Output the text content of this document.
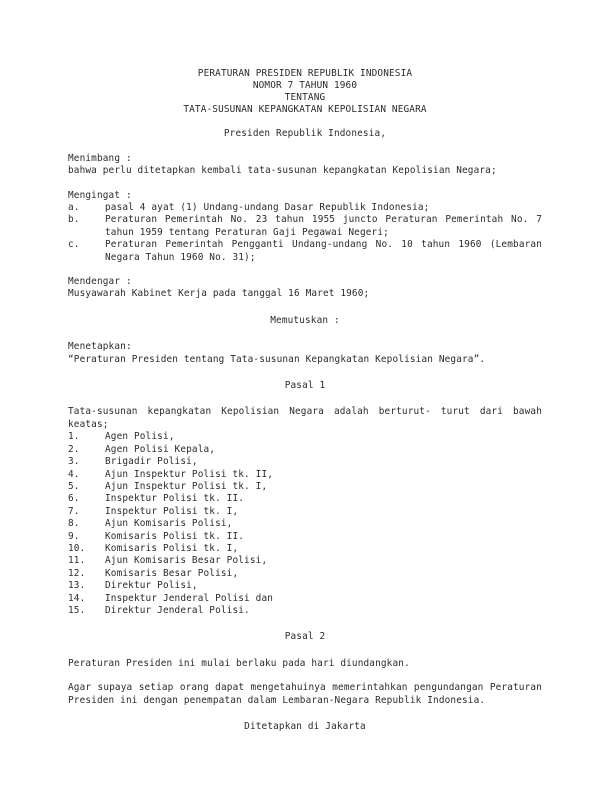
PERATURAN PRESIDEN REPUBLIK INDONESIA
NOMOR 7 TAHUN 1960
TENTANG
TATA-SUSUNAN KEPANGKATAN KEPOLISIAN NEGARA
Presiden Republik Indonesia,
Menimbang :
bahwa perlu ditetapkan kembali tata-susunan kepangkatan Kepolisian Negara;
Mengingat :
a.	pasal 4 ayat (1) Undang-undang Dasar Republik Indonesia;
b.	Peraturan Pemerintah No. 23 tahun 1955 juncto Peraturan Pemerintah No. 7 tahun 1959 tentang Peraturan Gaji Pegawai Negeri;
c.	Peraturan Pemerintah Pengganti Undang-undang No. 10 tahun 1960 (Lembaran Negara Tahun 1960 No. 31);
Mendengar :
Musyawarah Kabinet Kerja pada tanggal 16 Maret 1960;
Memutuskan :
Menetapkan:
“Peraturan Presiden tentang Tata-susunan Kepangkatan Kepolisian Negara”.
Pasal 1
Tata-susunan kepangkatan Kepolisian Negara adalah berturut- turut dari bawah keatas;
1.	Agen Polisi,
2.	Agen Polisi Kepala,
3.	Brigadir Polisi,
4.	Ajun Inspektur Polisi tk. II,
5.	Ajun Inspektur Polisi tk. I,
6.	Inspektur Polisi tk. II.
7.	Inspektur Polisi tk. I,
8.	Ajun Komisaris Polisi,
9.	Komisaris Polisi tk. II.
10.	Komisaris Polisi tk. I,
11.	Ajun Komisaris Besar Polisi,
12.	Komisaris Besar Polisi,
13.	Direktur Polisi,
14.	Inspektur Jenderal Polisi dan
15.	Direktur Jenderal Polisi.
Pasal 2
Peraturan Presiden ini mulai berlaku pada hari diundangkan.
Agar supaya setiap orang dapat mengetahuinya memerintahkan pengundangan Peraturan Presiden ini dengan penempatan dalam Lembaran-Negara Republik Indonesia.
Ditetapkan di Jakarta
